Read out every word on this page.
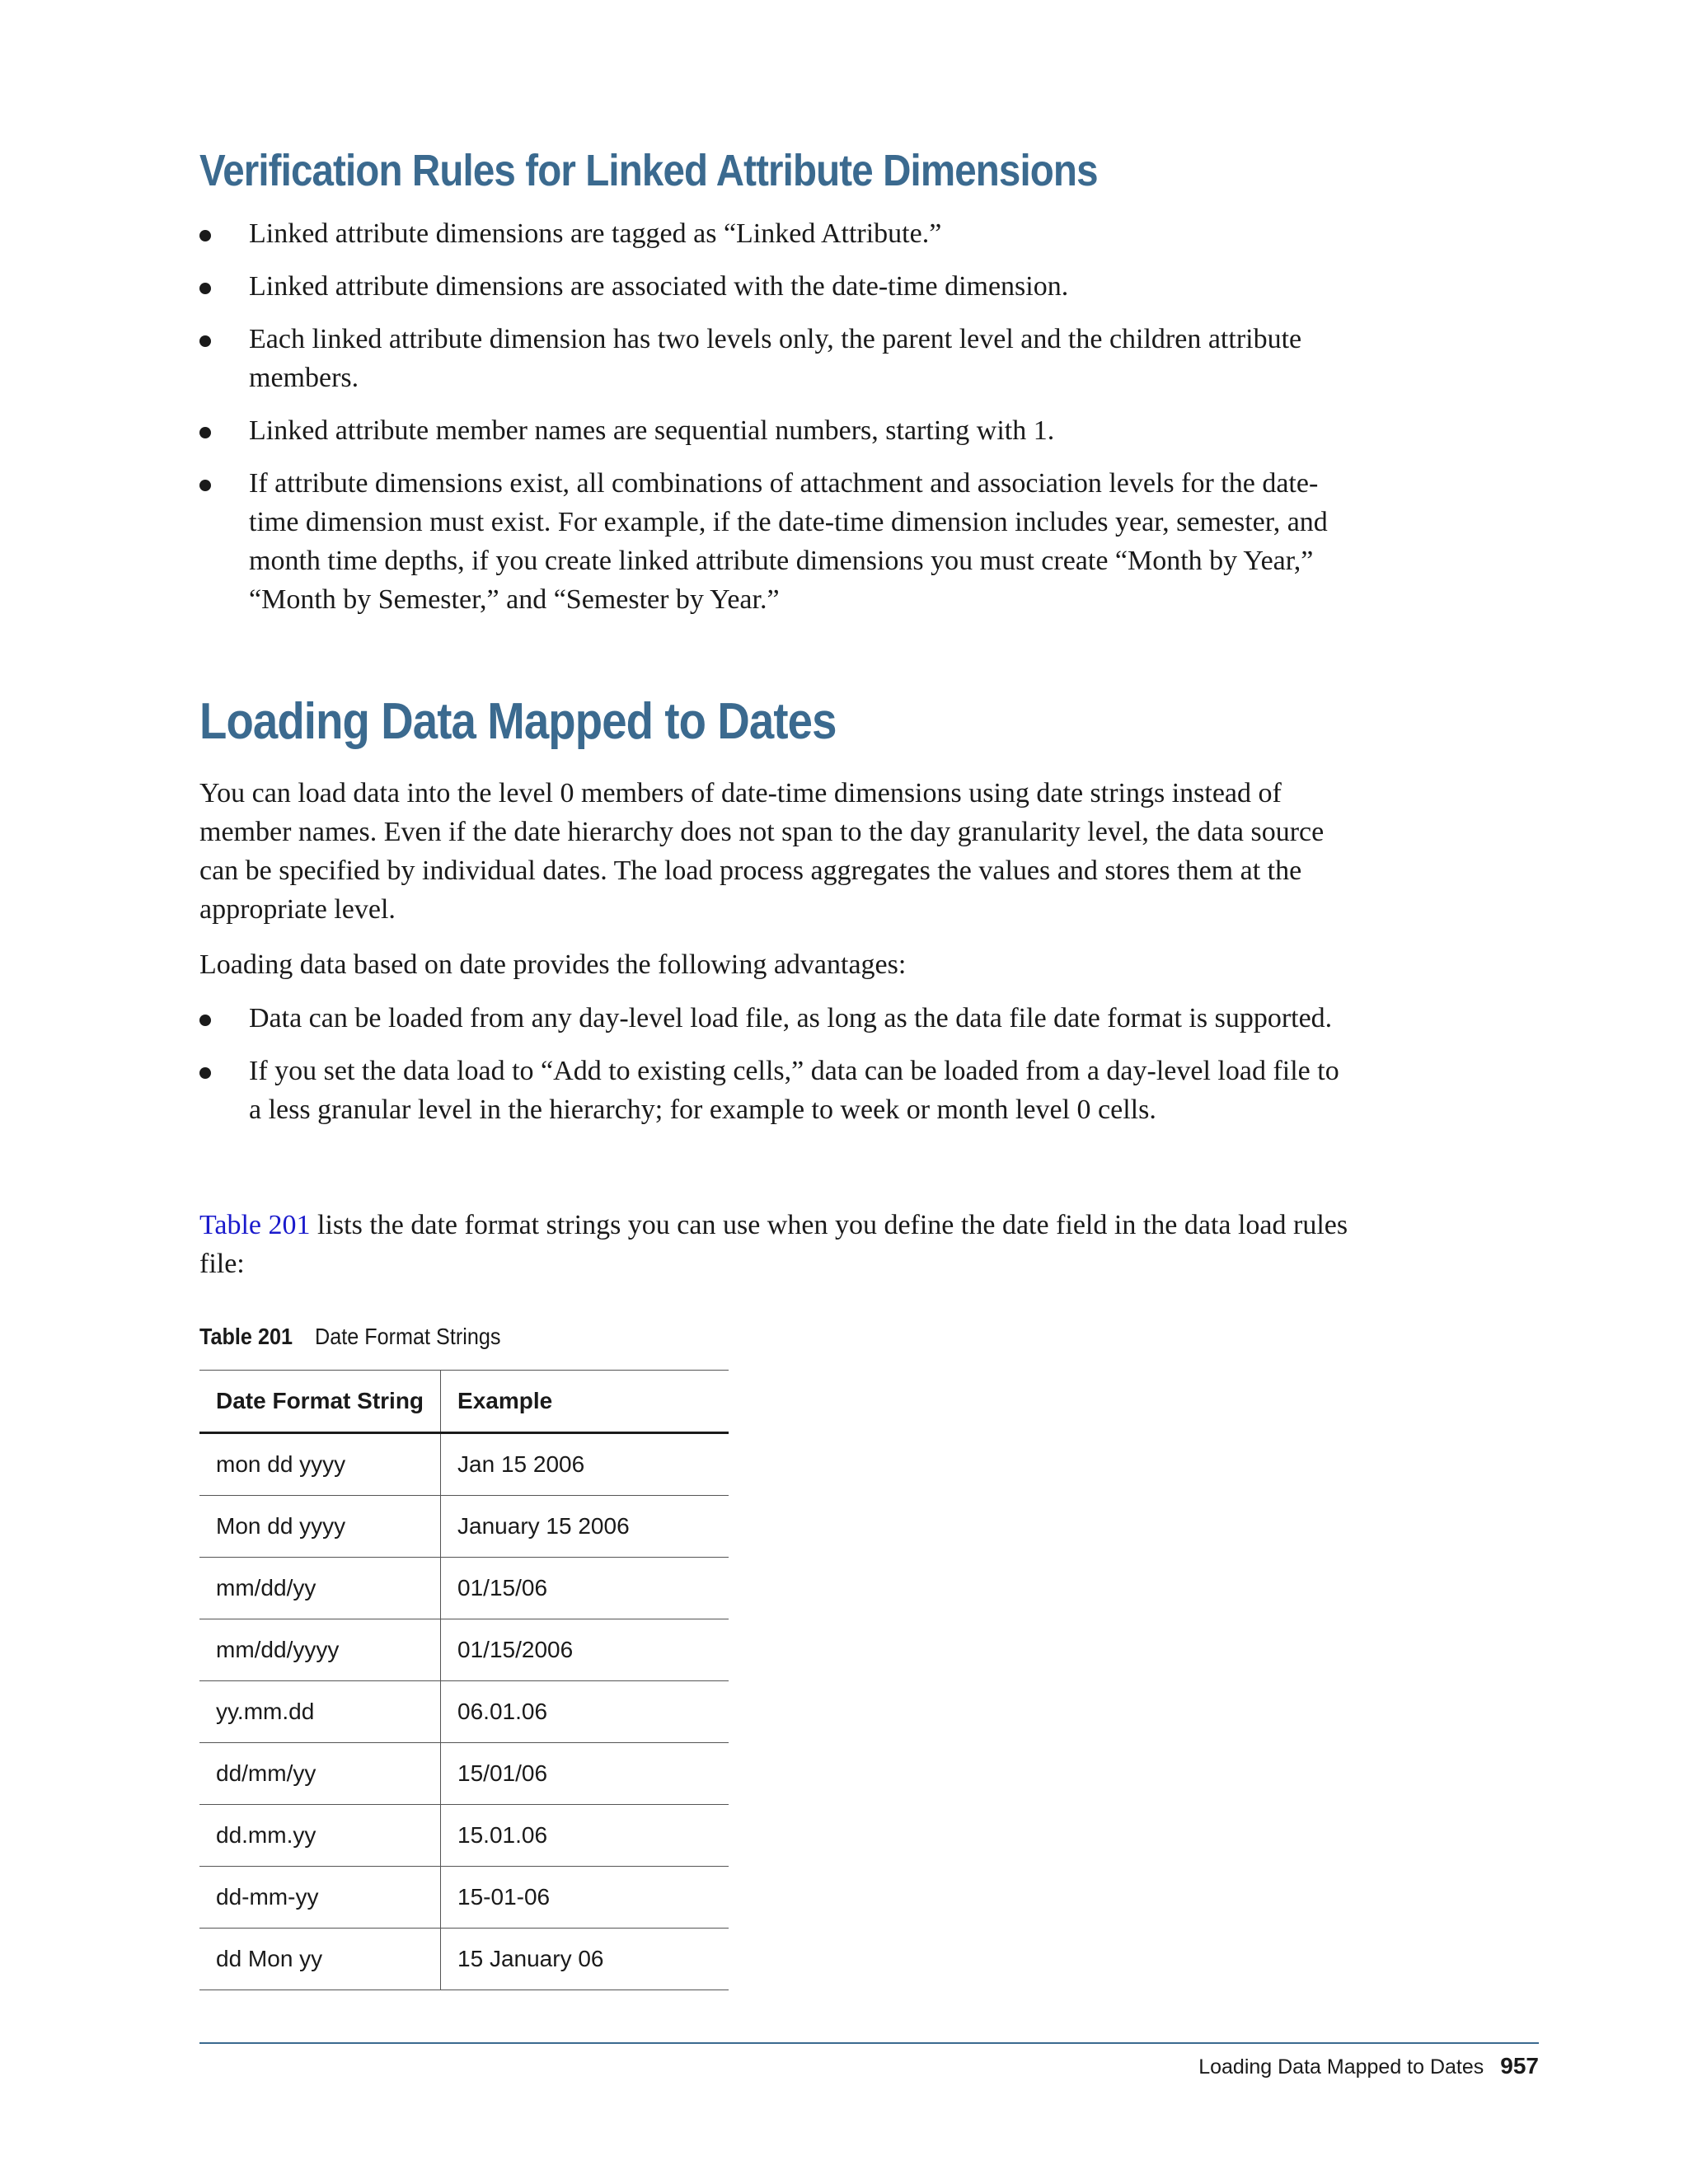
Verification Rules for Linked Attribute Dimensions
Linked attribute dimensions are tagged as “Linked Attribute.”
Linked attribute dimensions are associated with the date-time dimension.
Each linked attribute dimension has two levels only, the parent level and the children attribute members.
Linked attribute member names are sequential numbers, starting with 1.
If attribute dimensions exist, all combinations of attachment and association levels for the date-time dimension must exist. For example, if the date-time dimension includes year, semester, and month time depths, if you create linked attribute dimensions you must create “Month by Year,” “Month by Semester,” and “Semester by Year.”
Loading Data Mapped to Dates

You can load data into the level 0 members of date-time dimensions using date strings instead of member names. Even if the date hierarchy does not span to the day granularity level, the data source can be specified by individual dates. The load process aggregates the values and stores them at the appropriate level.

Loading data based on date provides the following advantages:

Data can be loaded from any day-level load file, as long as the data file date format is supported.
If you set the data load to “Add to existing cells,” data can be loaded from a day-level load file to a less granular level in the hierarchy; for example to week or month level 0 cells.

Table 201 lists the date format strings you can use when you define the date field in the data load rules file:

Table 201 Date Format Strings
Date Format String	Example
mon dd yyyy	Jan 15 2006
Mon dd yyyy	January 15 2006
mm/dd/yy	01/15/06
mm/dd/yyyy	01/15/2006
yy.mm.dd	06.01.06
dd/mm/yy	15/01/06
dd.mm.yy	15.01.06
dd-mm-yy	15-01-06
dd Mon yy	15 January 06
Loading Data Mapped to Dates 957
